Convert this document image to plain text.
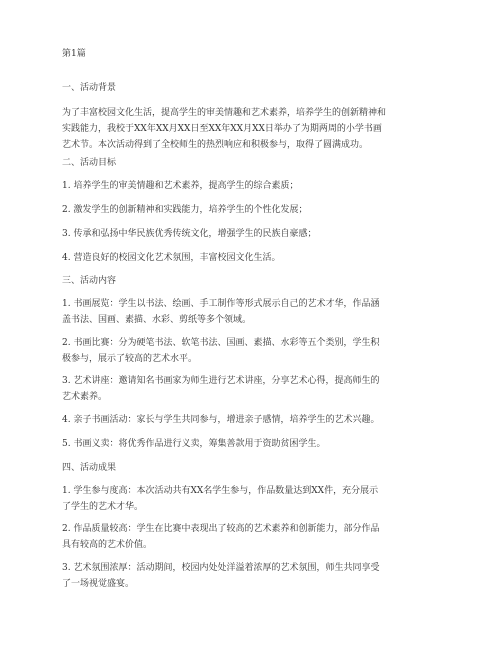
第1篇

一、活动背景

为了丰富校园文化生活，提高学生的审美情趣和艺术素养，培养学生的创新精神和
实践能力，我校于XX年XX月XX日至XX年XX月XX日举办了为期两周的小学书画
艺术节。本次活动得到了全校师生的热烈响应和积极参与，取得了圆满成功。

二、活动目标

1. 培养学生的审美情趣和艺术素养，提高学生的综合素质；

2. 激发学生的创新精神和实践能力，培养学生的个性化发展；

3. 传承和弘扬中华民族优秀传统文化，增强学生的民族自豪感；

4. 营造良好的校园文化艺术氛围，丰富校园文化生活。

三、活动内容

1. 书画展览：学生以书法、绘画、手工制作等形式展示自己的艺术才华，作品涵
盖书法、国画、素描、水彩、剪纸等多个领域。

2. 书画比赛：分为硬笔书法、软笔书法、国画、素描、水彩等五个类别，学生积
极参与，展示了较高的艺术水平。

3. 艺术讲座：邀请知名书画家为师生进行艺术讲座，分享艺术心得，提高师生的
艺术素养。

4. 亲子书画活动：家长与学生共同参与，增进亲子感情，培养学生的艺术兴趣。

5. 书画义卖：将优秀作品进行义卖，筹集善款用于资助贫困学生。

四、活动成果

1. 学生参与度高：本次活动共有XX名学生参与，作品数量达到XX件，充分展示
了学生的艺术才华。

2. 作品质量较高：学生在比赛中表现出了较高的艺术素养和创新能力，部分作品
具有较高的艺术价值。

3. 艺术氛围浓厚：活动期间，校园内处处洋溢着浓厚的艺术氛围，师生共同享受
了一场视觉盛宴。
